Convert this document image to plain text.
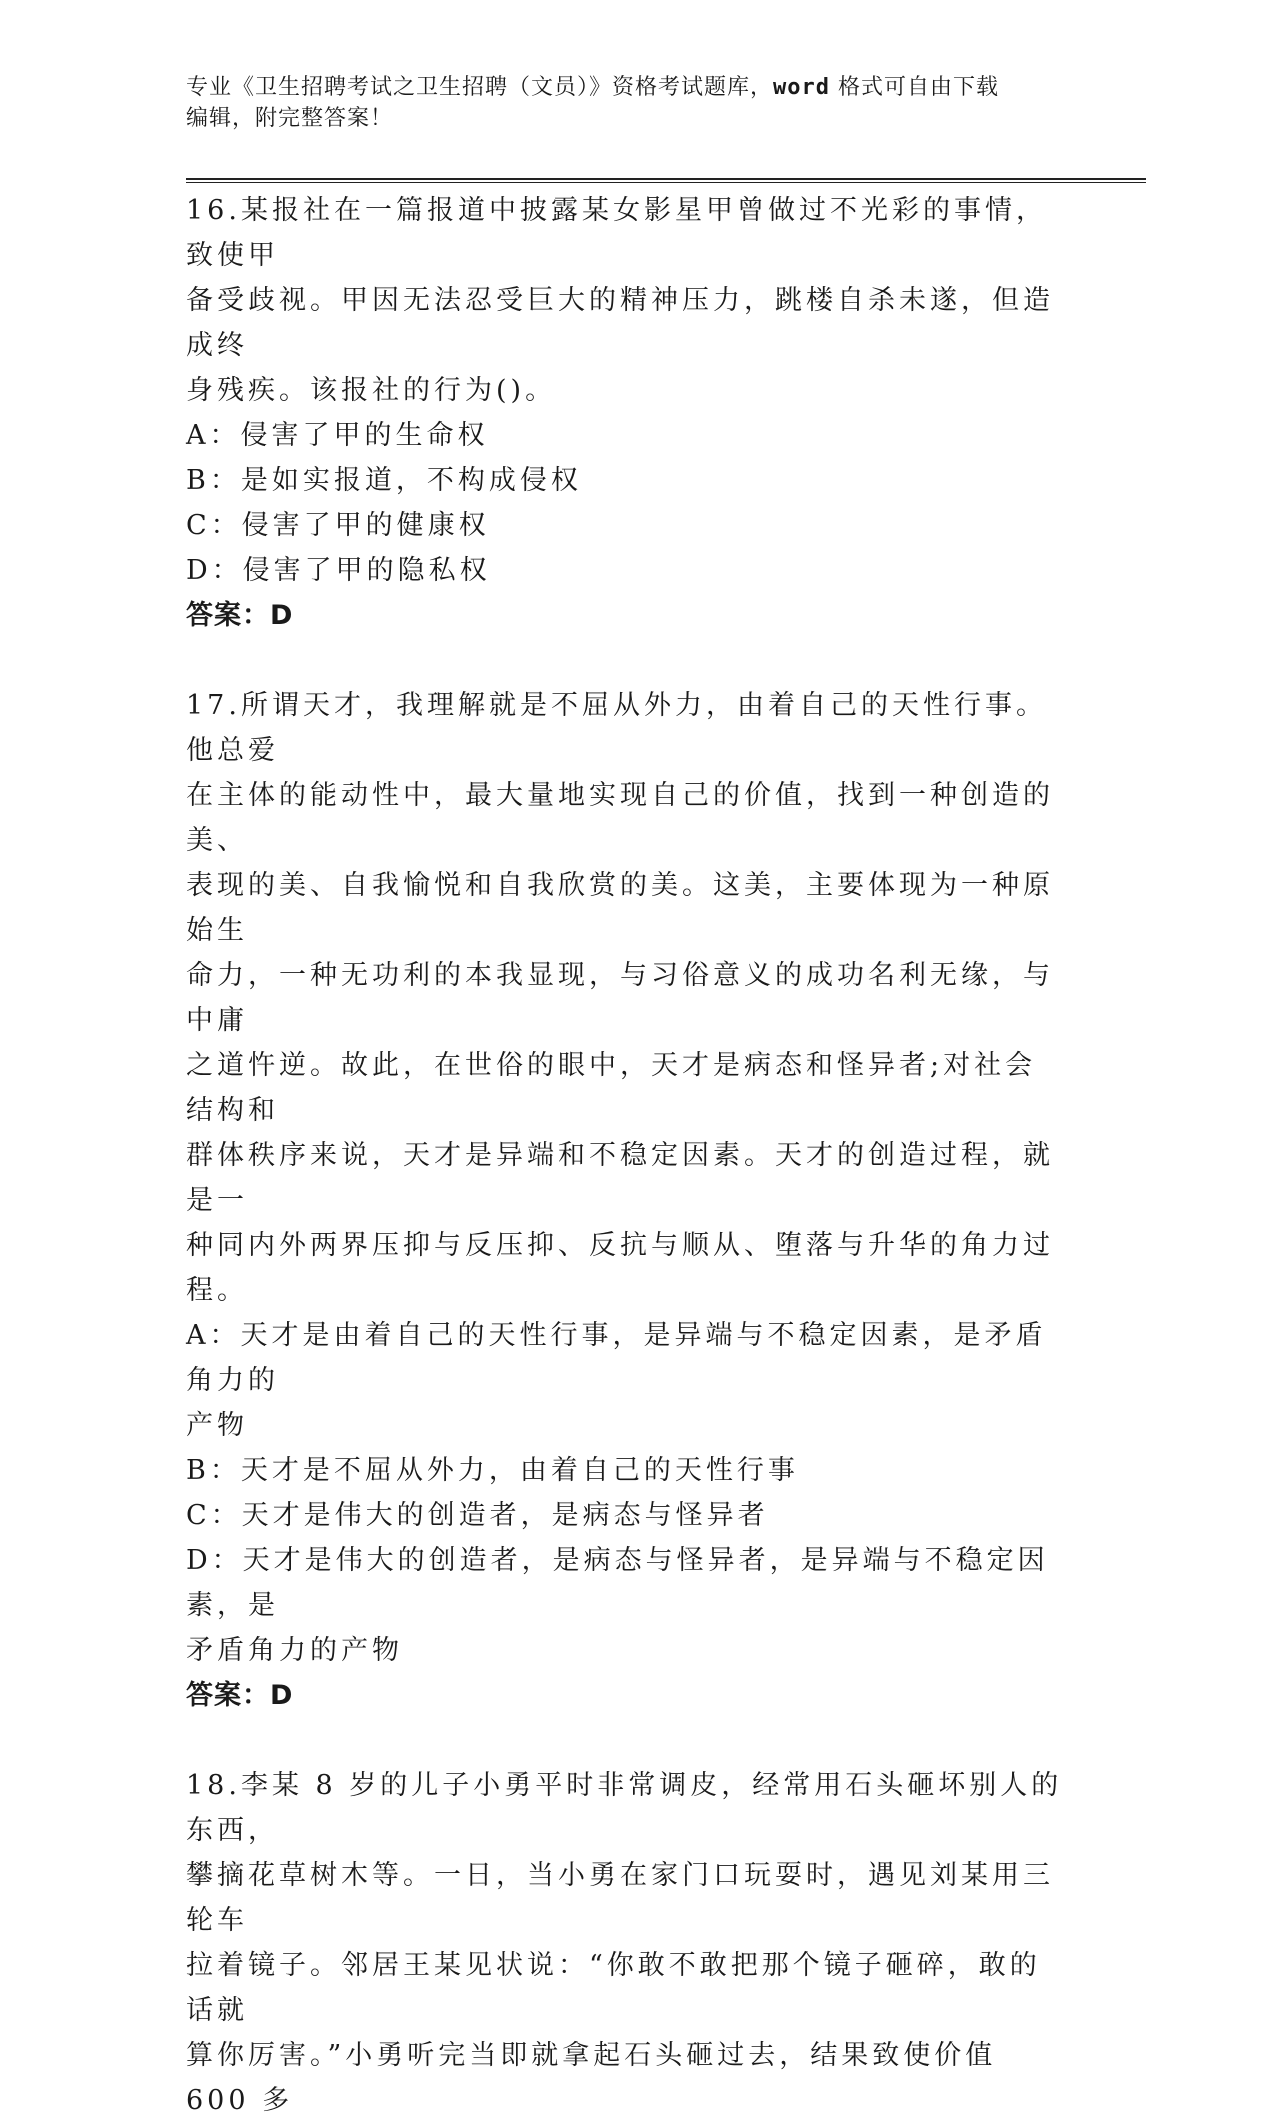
专业《卫生招聘考试之卫生招聘（文员）》资格考试题库，word 格式可自由下载
编辑，附完整答案！
16.某报社在一篇报道中披露某女影星甲曾做过不光彩的事情，致使甲
备受歧视。甲因无法忍受巨大的精神压力，跳楼自杀未遂，但造成终
身残疾。该报社的行为()。
A：侵害了甲的生命权
B：是如实报道，不构成侵权
C：侵害了甲的健康权
D：侵害了甲的隐私权
答案：D
17.所谓天才，我理解就是不屈从外力，由着自己的天性行事。他总爱
在主体的能动性中，最大量地实现自己的价值，找到一种创造的美、
表现的美、自我愉悦和自我欣赏的美。这美，主要体现为一种原始生
命力，一种无功利的本我显现，与习俗意义的成功名利无缘，与中庸
之道忤逆。故此，在世俗的眼中，天才是病态和怪异者;对社会结构和
群体秩序来说，天才是异端和不稳定因素。天才的创造过程，就是一
种同内外两界压抑与反压抑、反抗与顺从、堕落与升华的角力过程。
A：天才是由着自己的天性行事，是异端与不稳定因素，是矛盾角力的
产物
B：天才是不屈从外力，由着自己的天性行事
C：天才是伟大的创造者，是病态与怪异者
D：天才是伟大的创造者，是病态与怪异者，是异端与不稳定因素，是
矛盾角力的产物
答案：D
18.李某 8 岁的儿子小勇平时非常调皮，经常用石头砸坏别人的东西，
攀摘花草树木等。一日，当小勇在家门口玩耍时，遇见刘某用三轮车
拉着镜子。邻居王某见状说：“你敢不敢把那个镜子砸碎，敢的话就
算你厉害。”小勇听完当即就拿起石头砸过去，结果致使价值 600 多
